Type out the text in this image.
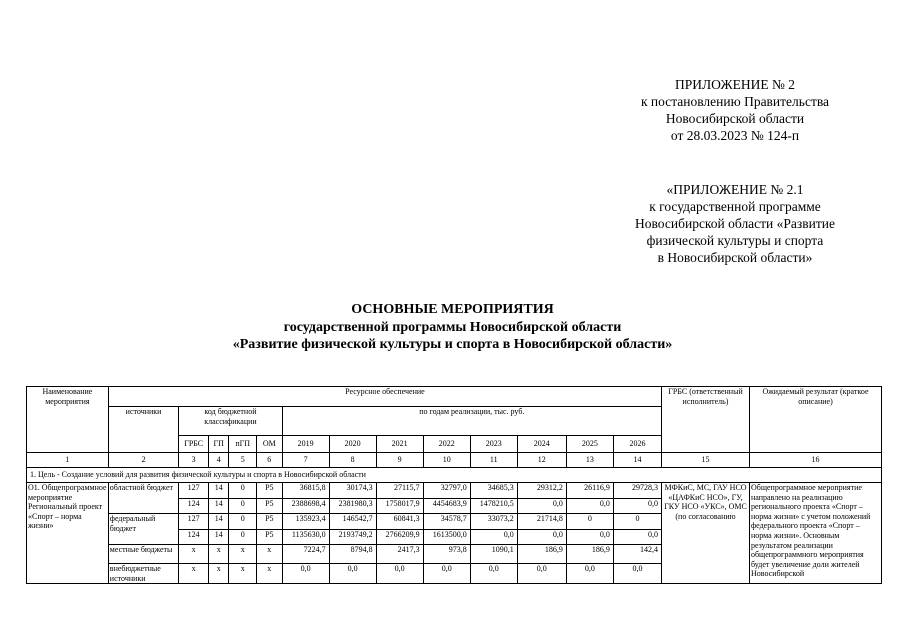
ПРИЛОЖЕНИЕ № 2
к постановлению Правительства
Новосибирской области
от 28.03.2023 № 124-п
«ПРИЛОЖЕНИЕ № 2.1
к государственной программе
Новосибирской области «Развитие
физической культуры и спорта
в Новосибирской области»
ОСНОВНЫЕ МЕРОПРИЯТИЯ
государственной программы Новосибирской области
«Развитие физической культуры и спорта в Новосибирской области»
Наименование мероприятия	Ресурсное обеспечение													ГРБС (ответственный исполнитель)	Ожидаемый результат (краткое описание)
	источники	код бюджетной классификации				по годам реализации, тыс. руб.									
		ГРБС	ГП	пГП	ОМ	2019	2020	2021	2022	2023	2024	2025	2026		
1	2	3	4	5	6	7	8	9	10	11	12	13	14	15	16
1. Цель - Создание условий для развития физической культуры и спорта в Новосибирской области															
О1. Общепрограммное мероприятие Региональный проект «Спорт – норма жизни»	областной бюджет	127	14	0	Р5	36815,8	30174,3	27115,7	32797,0	34685,3	29312,2	26116,9	29728,3	МФКиС, МС, ГАУ НСО «ЦАФКиС НСО», ГУ, ГКУ НСО «УКС», ОМС (по согласованию	Общепрограммное мероприятие направлено на реализацию регионального проекта «Спорт – норма жизни» с учетом положений федерального проекта «Спорт – норма жизни». Основным результатом реализации общепрограммного мероприятия будет увеличение доли жителей Новосибирской
		124	14	0	Р5	2388698,4	2381980,3	1758017,9	4454683,9	1478210,5	0,0	0,0	0,0		
	федеральный бюджет	127	14	0	Р5	135923,4	146542,7	60841,3	34578,7	33073,2	21714,8	0	0		
		124	14	0	Р5	1135630,0	2193749,2	2766209,9	1613500,0	0,0	0,0	0,0	0,0		
	местные бюджеты	х	х	х	х	7224,7	8794,8	2417,3	973,8	1090,1	186,9	186,9	142,4		
	внебюджетные источники	х	х	х	х	0,0	0,0	0,0	0,0	0,0	0,0	0,0	0,0		
